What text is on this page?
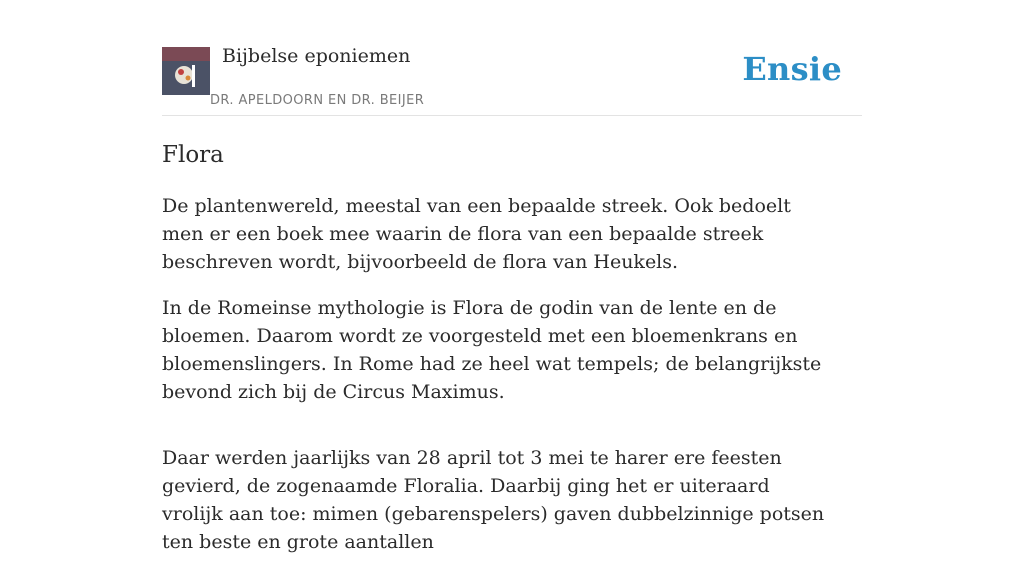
Bijbelse eponiemen
DR. APELDOORN EN DR. BEIJER
Ensie
Flora

De plantenwereld, meestal van een bepaalde streek. Ook bedoelt men er een boek mee waarin de flora van een bepaalde streek beschreven wordt, bijvoorbeeld de flora van Heukels.

In de Romeinse mythologie is Flora de godin van de lente en de bloemen. Daarom wordt ze voorgesteld met een bloemenkrans en bloemenslingers. In Rome had ze heel wat tempels; de belangrijkste bevond zich bij de Circus Maximus.

Daar werden jaarlijks van 28 april tot 3 mei te harer ere feesten gevierd, de zogenaamde Floralia. Daarbij ging het er uiteraard vrolijk aan toe: mimen (gebarenspelers) gaven dubbelzinnige potsen ten beste en grote aantallen
